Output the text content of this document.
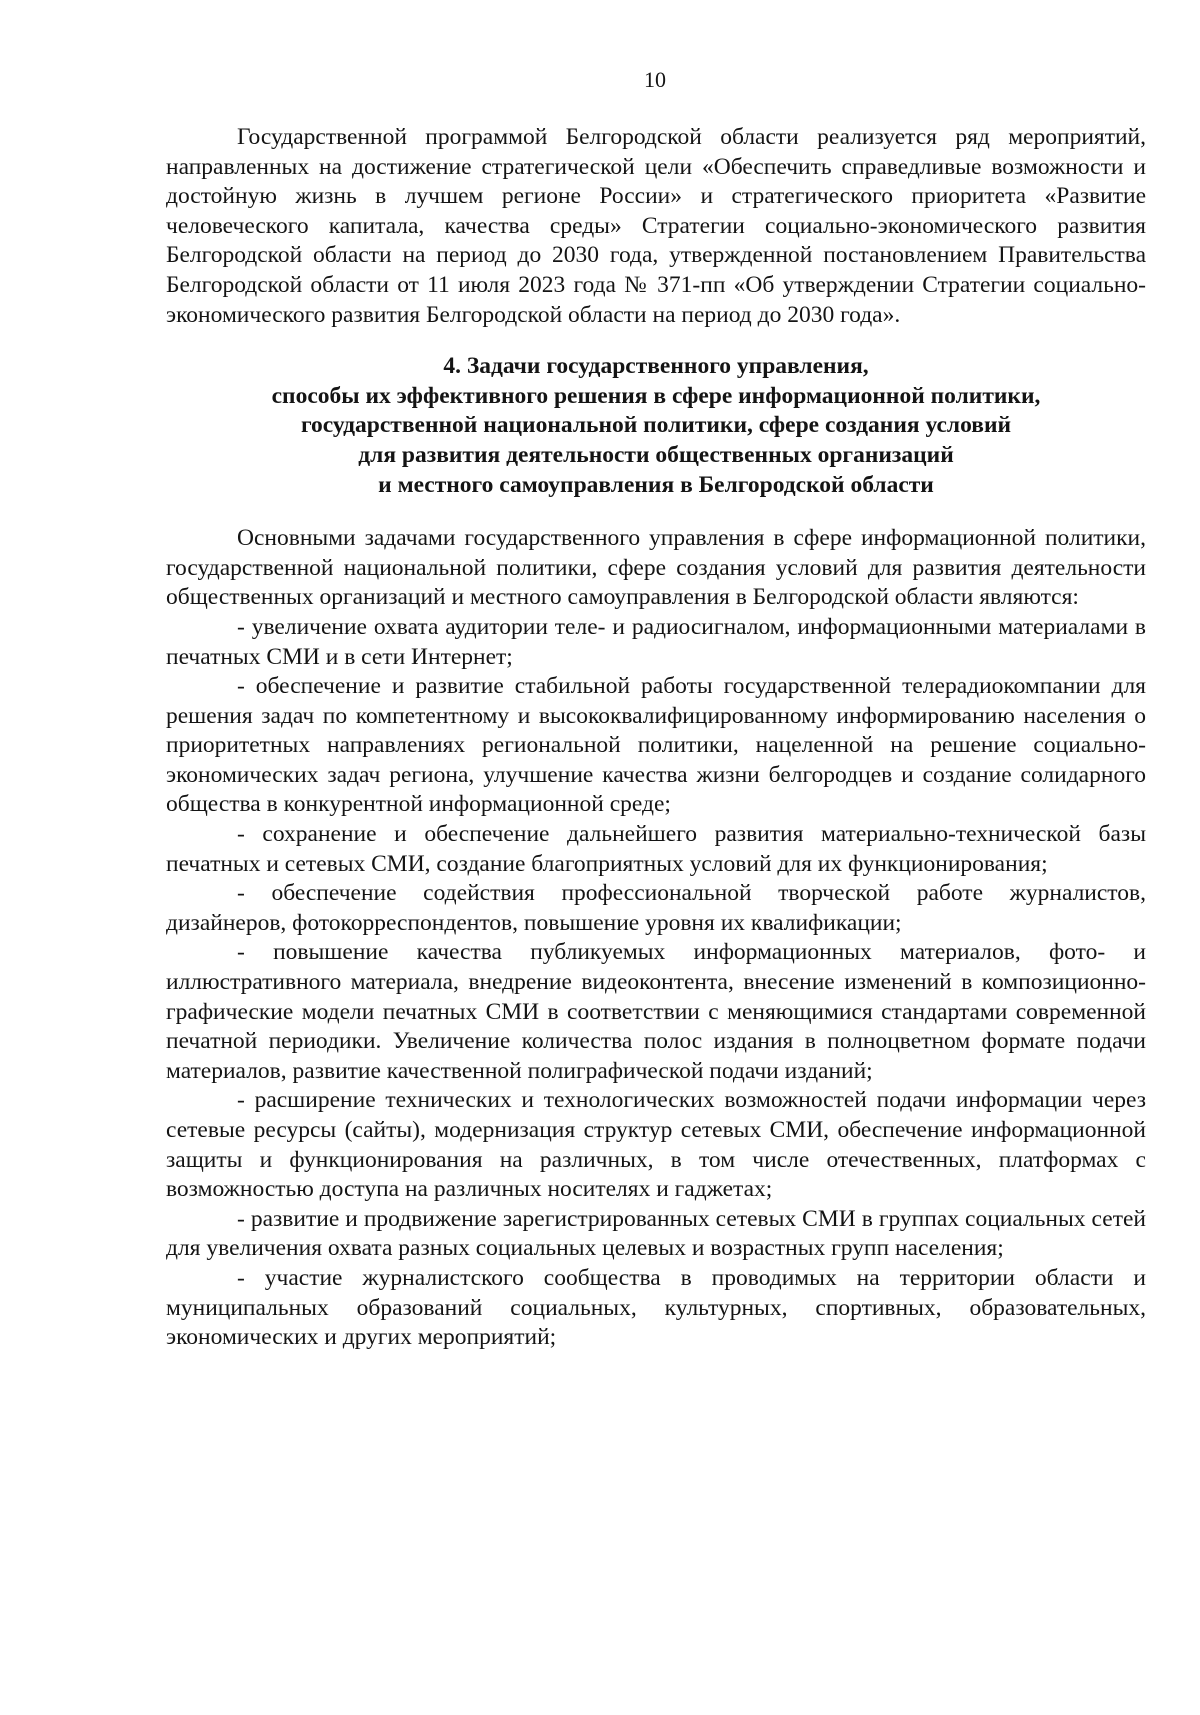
10

Государственной программой Белгородской области реализуется ряд мероприятий, направленных на достижение стратегической цели «Обеспечить справедливые возможности и достойную жизнь в лучшем регионе России» и стратегического приоритета «Развитие человеческого капитала, качества среды» Стратегии социально-экономического развития Белгородской области на период до 2030 года, утвержденной постановлением Правительства Белгородской области от 11 июля 2023 года № 371-пп «Об утверждении Стратегии социально-экономического развития Белгородской области на период до 2030 года».

4. Задачи государственного управления,
способы их эффективного решения в сфере информационной политики,
государственной национальной политики, сфере создания условий
для развития деятельности общественных организаций
и местного самоуправления в Белгородской области

Основными задачами государственного управления в сфере информационной политики, государственной национальной политики, сфере создания условий для развития деятельности общественных организаций и местного самоуправления в Белгородской области являются:

- увеличение охвата аудитории теле- и радиосигналом, информационными материалами в печатных СМИ и в сети Интернет;

- обеспечение и развитие стабильной работы государственной телерадиокомпании для решения задач по компетентному и высококвалифицированному информированию населения о приоритетных направлениях региональной политики, нацеленной на решение социально-экономических задач региона, улучшение качества жизни белгородцев и создание солидарного общества в конкурентной информационной среде;

- сохранение и обеспечение дальнейшего развития материально-технической базы печатных и сетевых СМИ, создание благоприятных условий для их функционирования;

- обеспечение содействия профессиональной творческой работе журналистов, дизайнеров, фотокорреспондентов, повышение уровня их квалификации;

- повышение качества публикуемых информационных материалов, фото- и иллюстративного материала, внедрение видеоконтента, внесение изменений в композиционно-графические модели печатных СМИ в соответствии с меняющимися стандартами современной печатной периодики. Увеличение количества полос издания в полноцветном формате подачи материалов, развитие качественной полиграфической подачи изданий;

- расширение технических и технологических возможностей подачи информации через сетевые ресурсы (сайты), модернизация структур сетевых СМИ, обеспечение информационной защиты и функционирования на различных, в том числе отечественных, платформах с возможностью доступа на различных носителях и гаджетах;

- развитие и продвижение зарегистрированных сетевых СМИ в группах социальных сетей для увеличения охвата разных социальных целевых и возрастных групп населения;

- участие журналистского сообщества в проводимых на территории области и муниципальных образований социальных, культурных, спортивных, образовательных, экономических и других мероприятий;
